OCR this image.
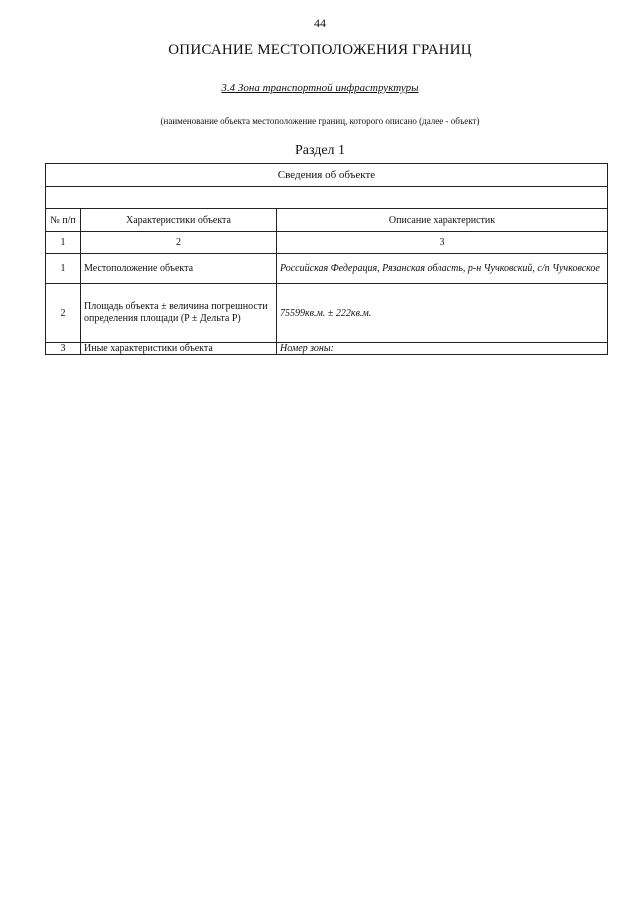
44
ОПИСАНИЕ МЕСТОПОЛОЖЕНИЯ ГРАНИЦ
3.4 Зона транспортной инфраструктуры
(наименование объекта местоположение границ, которого описано (далее - объект)
Раздел 1
Сведения об объекте		

№ п/п	Характеристики объекта	Описание характеристик
1	2	3
1	Местоположение объекта	Российская Федерация, Рязанская область, р-н Чучковский, с/п Чучковское
2	Площадь объекта ± величина погрешности определения площади (P ± Дельта P)	75599кв.м. ± 222кв.м.
3	Иные характеристики объекта	Номер зоны:
